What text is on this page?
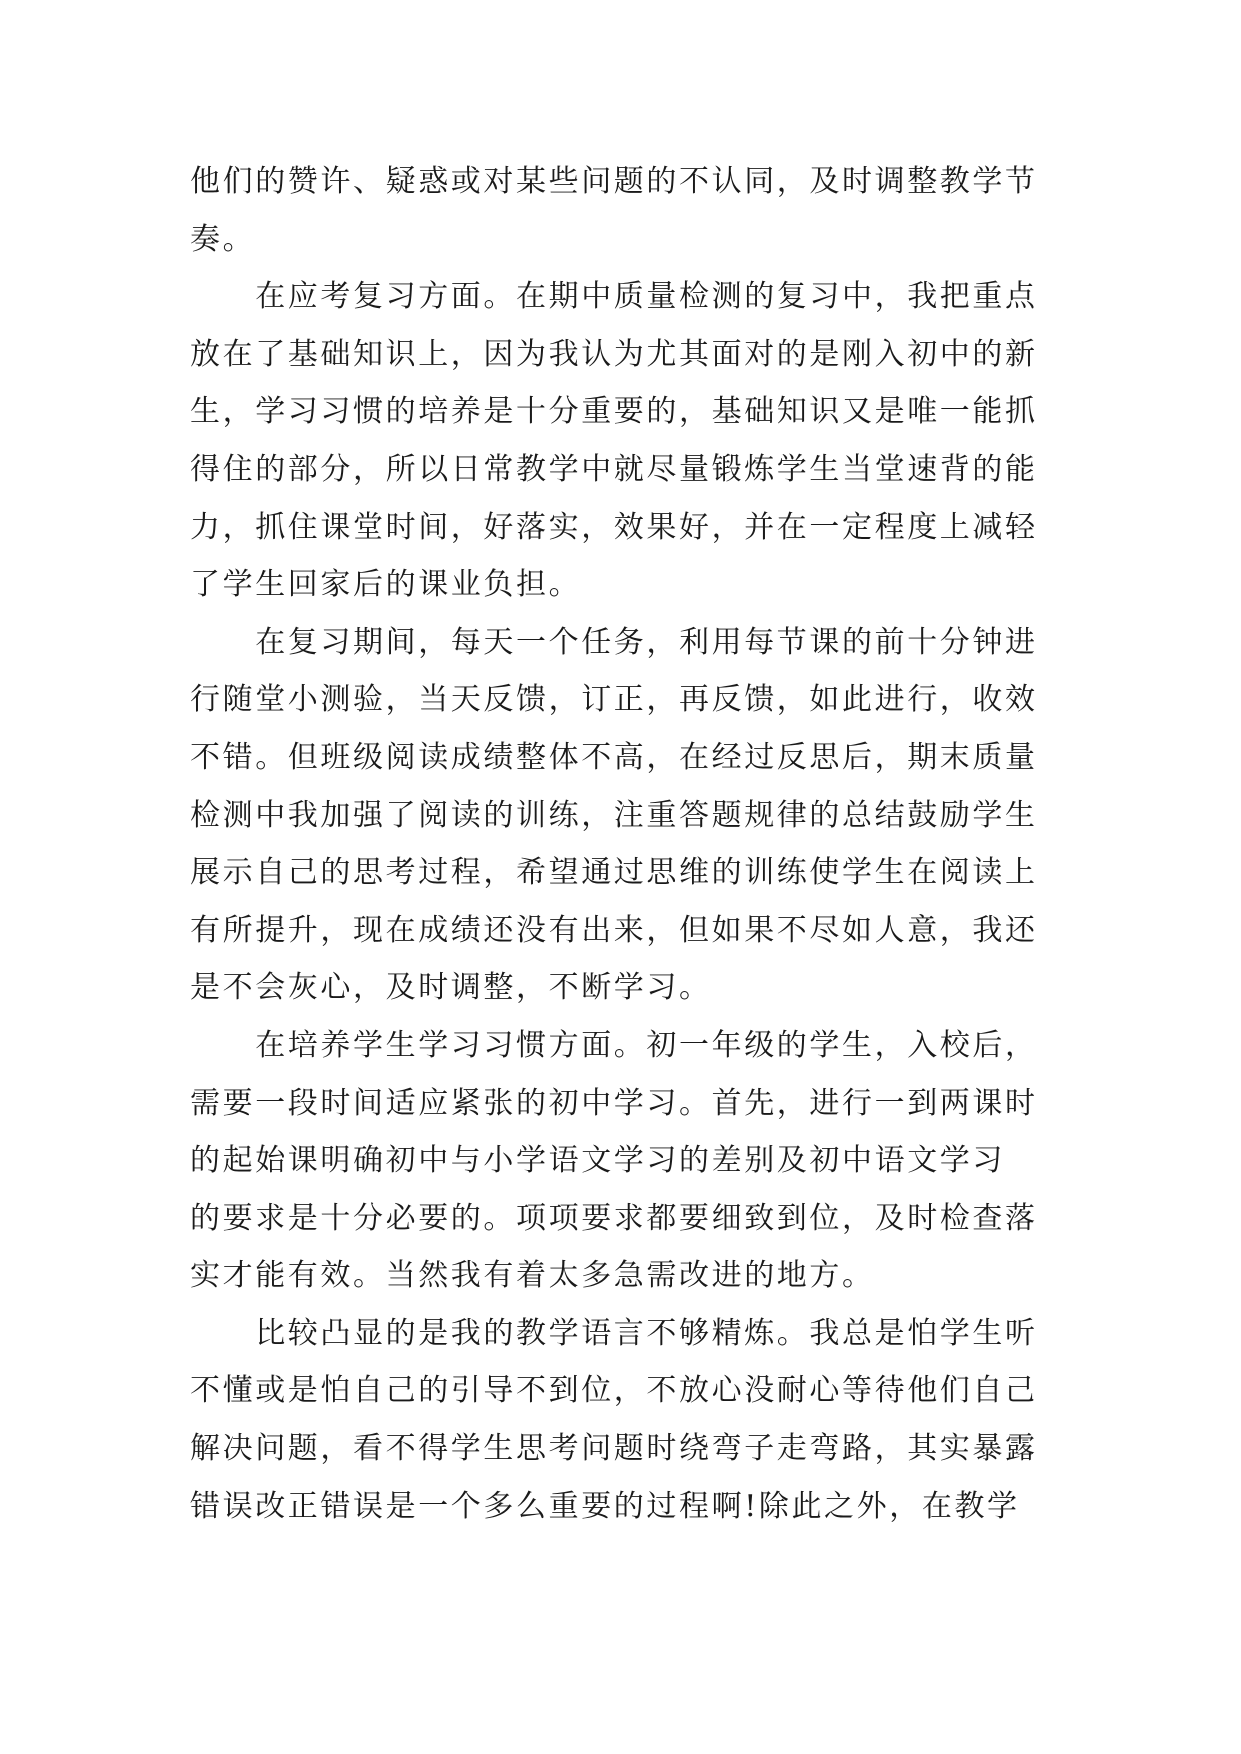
他们的赞许、疑惑或对某些问题的不认同，及时调整教学节
奏。
　　在应考复习方面。在期中质量检测的复习中，我把重点
放在了基础知识上，因为我认为尤其面对的是刚入初中的新
生，学习习惯的培养是十分重要的，基础知识又是唯一能抓
得住的部分，所以日常教学中就尽量锻炼学生当堂速背的能
力，抓住课堂时间，好落实，效果好，并在一定程度上减轻
了学生回家后的课业负担。
　　在复习期间，每天一个任务，利用每节课的前十分钟进
行随堂小测验，当天反馈，订正，再反馈，如此进行，收效
不错。但班级阅读成绩整体不高，在经过反思后，期末质量
检测中我加强了阅读的训练，注重答题规律的总结鼓励学生
展示自己的思考过程，希望通过思维的训练使学生在阅读上
有所提升，现在成绩还没有出来，但如果不尽如人意，我还
是不会灰心，及时调整，不断学习。
　　在培养学生学习习惯方面。初一年级的学生，入校后，
需要一段时间适应紧张的初中学习。首先，进行一到两课时
的起始课明确初中与小学语文学习的差别及初中语文学习
的要求是十分必要的。项项要求都要细致到位，及时检查落
实才能有效。当然我有着太多急需改进的地方。
　　比较凸显的是我的教学语言不够精炼。我总是怕学生听
不懂或是怕自己的引导不到位，不放心没耐心等待他们自己
解决问题，看不得学生思考问题时绕弯子走弯路，其实暴露
错误改正错误是一个多么重要的过程啊!除此之外，在教学
